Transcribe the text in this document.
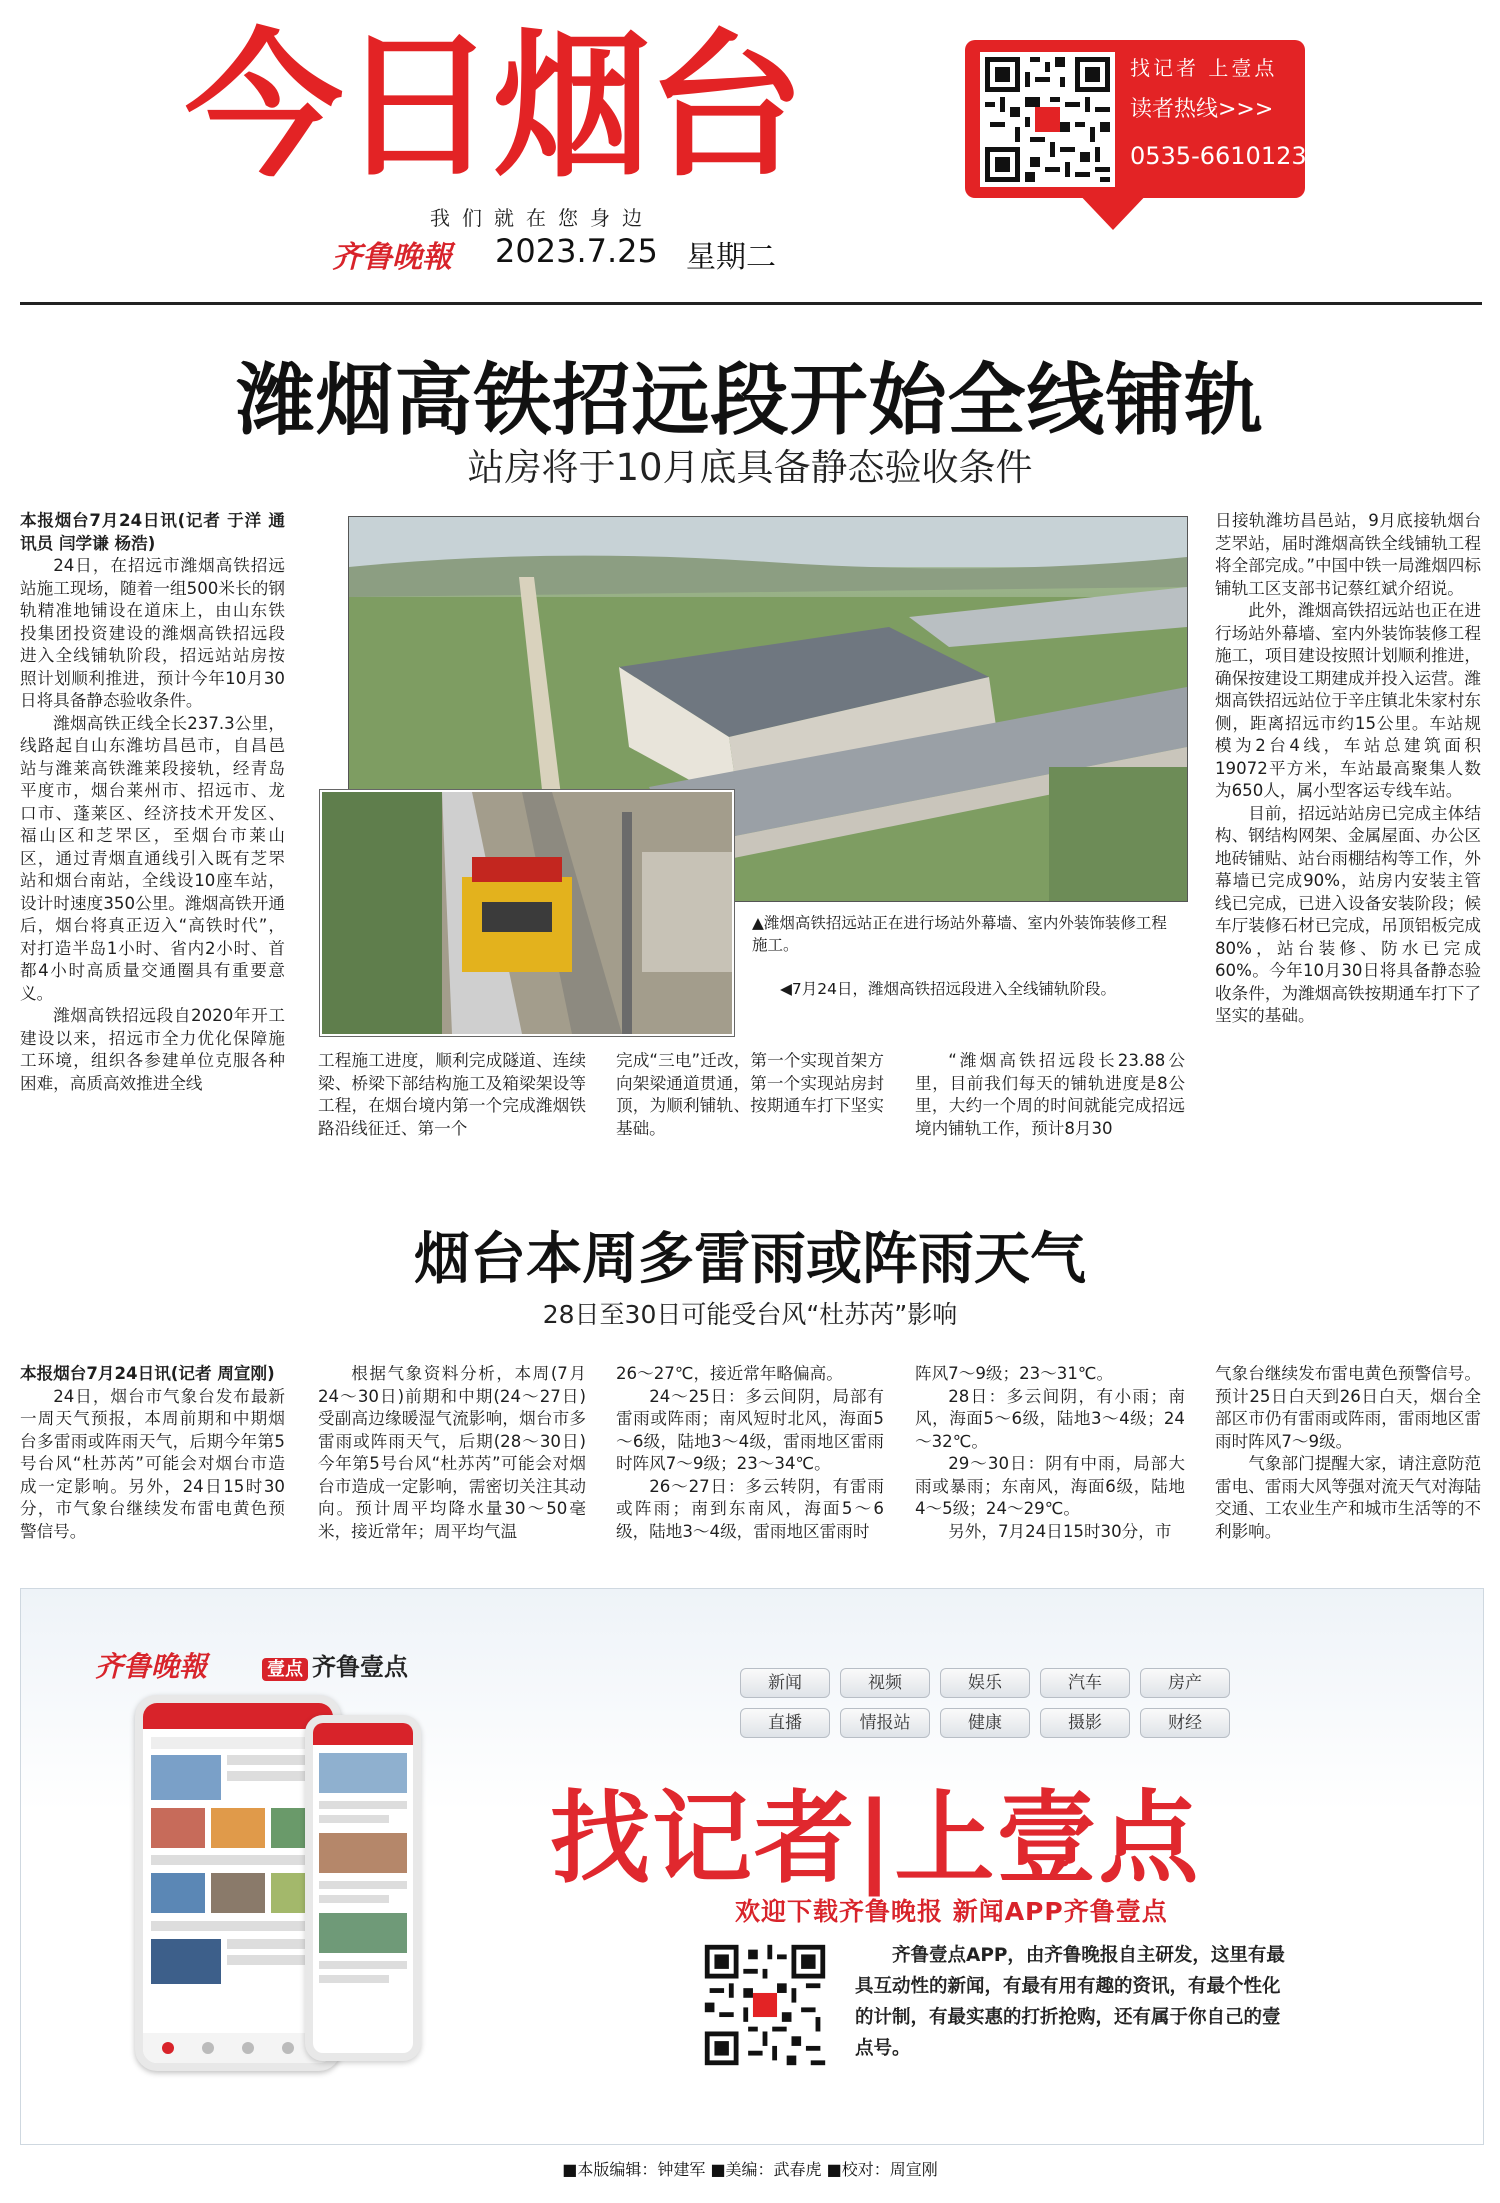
今日烟台
我们就在您身边
齐鲁晚報 2023.7.25 星期二
找记者 上壹点
读者热线>>>
0535-6610123
潍烟高铁招远段开始全线铺轨
站房将于10月底具备静态验收条件

本报烟台7月24日讯(记者 于洋 通讯员 闫学谦 杨浩)

24日，在招远市潍烟高铁招远站施工现场，随着一组500米长的钢轨精准地铺设在道床上，由山东铁投集团投资建设的潍烟高铁招远段进入全线铺轨阶段，招远站站房按照计划顺利推进，预计今年10月30日将具备静态验收条件。

潍烟高铁正线全长237.3公里，线路起自山东潍坊昌邑市，自昌邑站与潍莱高铁潍莱段接轨，经青岛平度市，烟台莱州市、招远市、龙口市、蓬莱区、经济技术开发区、福山区和芝罘区，至烟台市莱山区，通过青烟直通线引入既有芝罘站和烟台南站，全线设10座车站，设计时速度350公里。潍烟高铁开通后，烟台将真正迈入“高铁时代”，对打造半岛1小时、省内2小时、首都4小时高质量交通圈具有重要意义。

潍烟高铁招远段自2020年开工建设以来，招远市全力优化保障施工环境，组织各参建单位克服各种困难，高质高效推进全线

▲潍烟高铁招远站正在进行场站外幕墙、室内外装饰装修工程施工。
◀7月24日，潍烟高铁招远段进入全线铺轨阶段。

工程施工进度，顺利完成隧道、连续梁、桥梁下部结构施工及箱梁架设等工程，在烟台境内第一个完成潍烟铁路沿线征迁、第一个

完成“三电”迁改，第一个实现首架方向架梁通道贯通，第一个实现站房封顶，为顺利铺轨、按期通车打下坚实基础。

“潍烟高铁招远段长23.88公里，目前我们每天的铺轨进度是8公里，大约一个周的时间就能完成招远境内铺轨工作，预计8月30

日接轨潍坊昌邑站，9月底接轨烟台芝罘站，届时潍烟高铁全线铺轨工程将全部完成。”中国中铁一局潍烟四标铺轨工区支部书记蔡红斌介绍说。

此外，潍烟高铁招远站也正在进行场站外幕墙、室内外装饰装修工程施工，项目建设按照计划顺利推进，确保按建设工期建成并投入运营。潍烟高铁招远站位于辛庄镇北朱家村东侧，距离招远市约15公里。车站规模为2台4线，车站总建筑面积19072平方米，车站最高聚集人数为650人，属小型客运专线车站。

目前，招远站站房已完成主体结构、钢结构网架、金属屋面、办公区地砖铺贴、站台雨棚结构等工作，外幕墙已完成90%，站房内安装主管线已完成，已进入设备安装阶段；候车厅装修石材已完成，吊顶铝板完成80%，站台装修、防水已完成60%。今年10月30日将具备静态验收条件，为潍烟高铁按期通车打下了坚实的基础。

烟台本周多雷雨或阵雨天气
28日至30日可能受台风“杜苏芮”影响

本报烟台7月24日讯(记者 周宣刚)

24日，烟台市气象台发布最新一周天气预报，本周前期和中期烟台多雷雨或阵雨天气，后期今年第5号台风“杜苏芮”可能会对烟台市造成一定影响。另外，24日15时30分，市气象台继续发布雷电黄色预警信号。

根据气象资料分析，本周(7月24～30日)前期和中期(24～27日)受副高边缘暖湿气流影响，烟台市多雷雨或阵雨天气，后期(28～30日)今年第5号台风“杜苏芮”可能会对烟台市造成一定影响，需密切关注其动向。预计周平均降水量30～50毫米，接近常年；周平均气温

26～27℃，接近常年略偏高。

24～25日：多云间阴，局部有雷雨或阵雨；南风短时北风，海面5～6级，陆地3～4级，雷雨地区雷雨时阵风7～9级；23～34℃。

26～27日：多云转阴，有雷雨或阵雨；南到东南风，海面5～6级，陆地3～4级，雷雨地区雷雨时

阵风7～9级；23～31℃。

28日：多云间阴，有小雨；南风，海面5～6级，陆地3～4级；24～32℃。

29～30日：阴有中雨，局部大雨或暴雨；东南风，海面6级，陆地4～5级；24～29℃。

另外，7月24日15时30分，市

气象台继续发布雷电黄色预警信号。预计25日白天到26日白天，烟台全部区市仍有雷雨或阵雨，雷雨地区雷雨时阵风7～9级。

气象部门提醒大家，请注意防范雷电、雷雨大风等强对流天气对海陆交通、工农业生产和城市生活等的不利影响。

齐鲁晚報	壹点 齐鲁壹点
新闻	视频	娱乐	汽车	房产
直播	情报站	健康	摄影	财经
找记者|上壹点
欢迎下载齐鲁晚报 新闻APP齐鲁壹点

齐鲁壹点APP，由齐鲁晚报自主研发，这里有最具互动性的新闻，有最有用有趣的资讯，有最个性化的计制，有最实惠的打折抢购，还有属于你自己的壹点号。

■本版编辑：钟建军 ■美编：武春虎 ■校对：周宣刚
